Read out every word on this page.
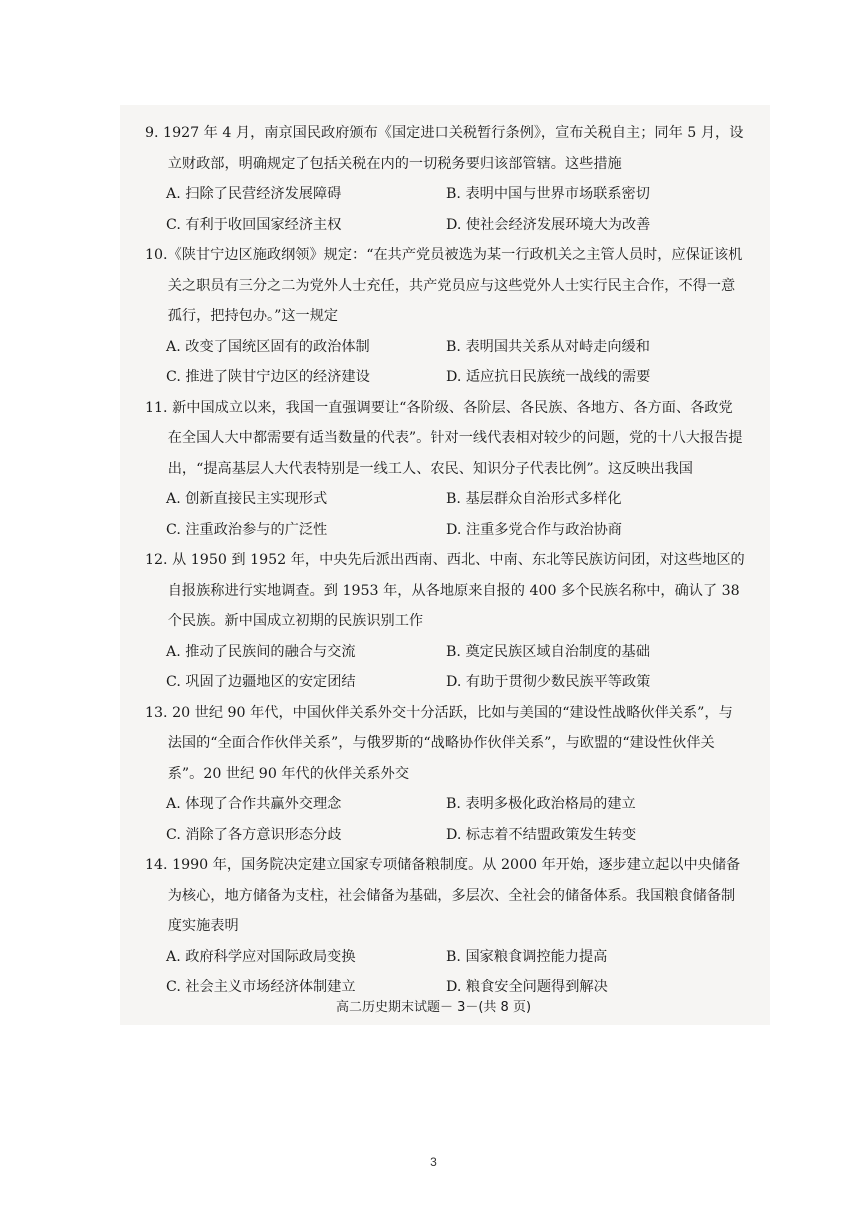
9. 1927 年 4 月，南京国民政府颁布《国定进口关税暂行条例》，宣布关税自主；同年 5 月，设立财政部，明确规定了包括关税在内的一切税务要归该部管辖。这些措施

A. 扫除了民营经济发展障碍	B. 表明中国与世界市场联系密切
C. 有利于收回国家经济主权	D. 使社会经济发展环境大为改善

10.《陕甘宁边区施政纲领》规定：“在共产党员被选为某一行政机关之主管人员时，应保证该机关之职员有三分之二为党外人士充任，共产党员应与这些党外人士实行民主合作，不得一意孤行，把持包办。”这一规定

A. 改变了国统区固有的政治体制	B. 表明国共关系从对峙走向缓和
C. 推进了陕甘宁边区的经济建设	D. 适应抗日民族统一战线的需要

11. 新中国成立以来，我国一直强调要让“各阶级、各阶层、各民族、各地方、各方面、各政党在全国人大中都需要有适当数量的代表”。针对一线代表相对较少的问题，党的十八大报告提出，“提高基层人大代表特别是一线工人、农民、知识分子代表比例”。这反映出我国

A. 创新直接民主实现形式	B. 基层群众自治形式多样化
C. 注重政治参与的广泛性	D. 注重多党合作与政治协商

12. 从 1950 到 1952 年，中央先后派出西南、西北、中南、东北等民族访问团，对这些地区的自报族称进行实地调查。到 1953 年，从各地原来自报的 400 多个民族名称中，确认了 38 个民族。新中国成立初期的民族识别工作

A. 推动了民族间的融合与交流	B. 奠定民族区域自治制度的基础
C. 巩固了边疆地区的安定团结	D. 有助于贯彻少数民族平等政策

13. 20 世纪 90 年代，中国伙伴关系外交十分活跃，比如与美国的“建设性战略伙伴关系”，与法国的“全面合作伙伴关系”，与俄罗斯的“战略协作伙伴关系”，与欧盟的“建设性伙伴关系”。20 世纪 90 年代的伙伴关系外交

A. 体现了合作共赢外交理念	B. 表明多极化政治格局的建立
C. 消除了各方意识形态分歧	D. 标志着不结盟政策发生转变

14. 1990 年，国务院决定建立国家专项储备粮制度。从 2000 年开始，逐步建立起以中央储备为核心，地方储备为支柱，社会储备为基础，多层次、全社会的储备体系。我国粮食储备制度实施表明

A. 政府科学应对国际政局变换	B. 国家粮食调控能力提高
C. 社会主义市场经济体制建立	D. 粮食安全问题得到解决
高二历史期末试题－ 3－(共 8 页)
3
